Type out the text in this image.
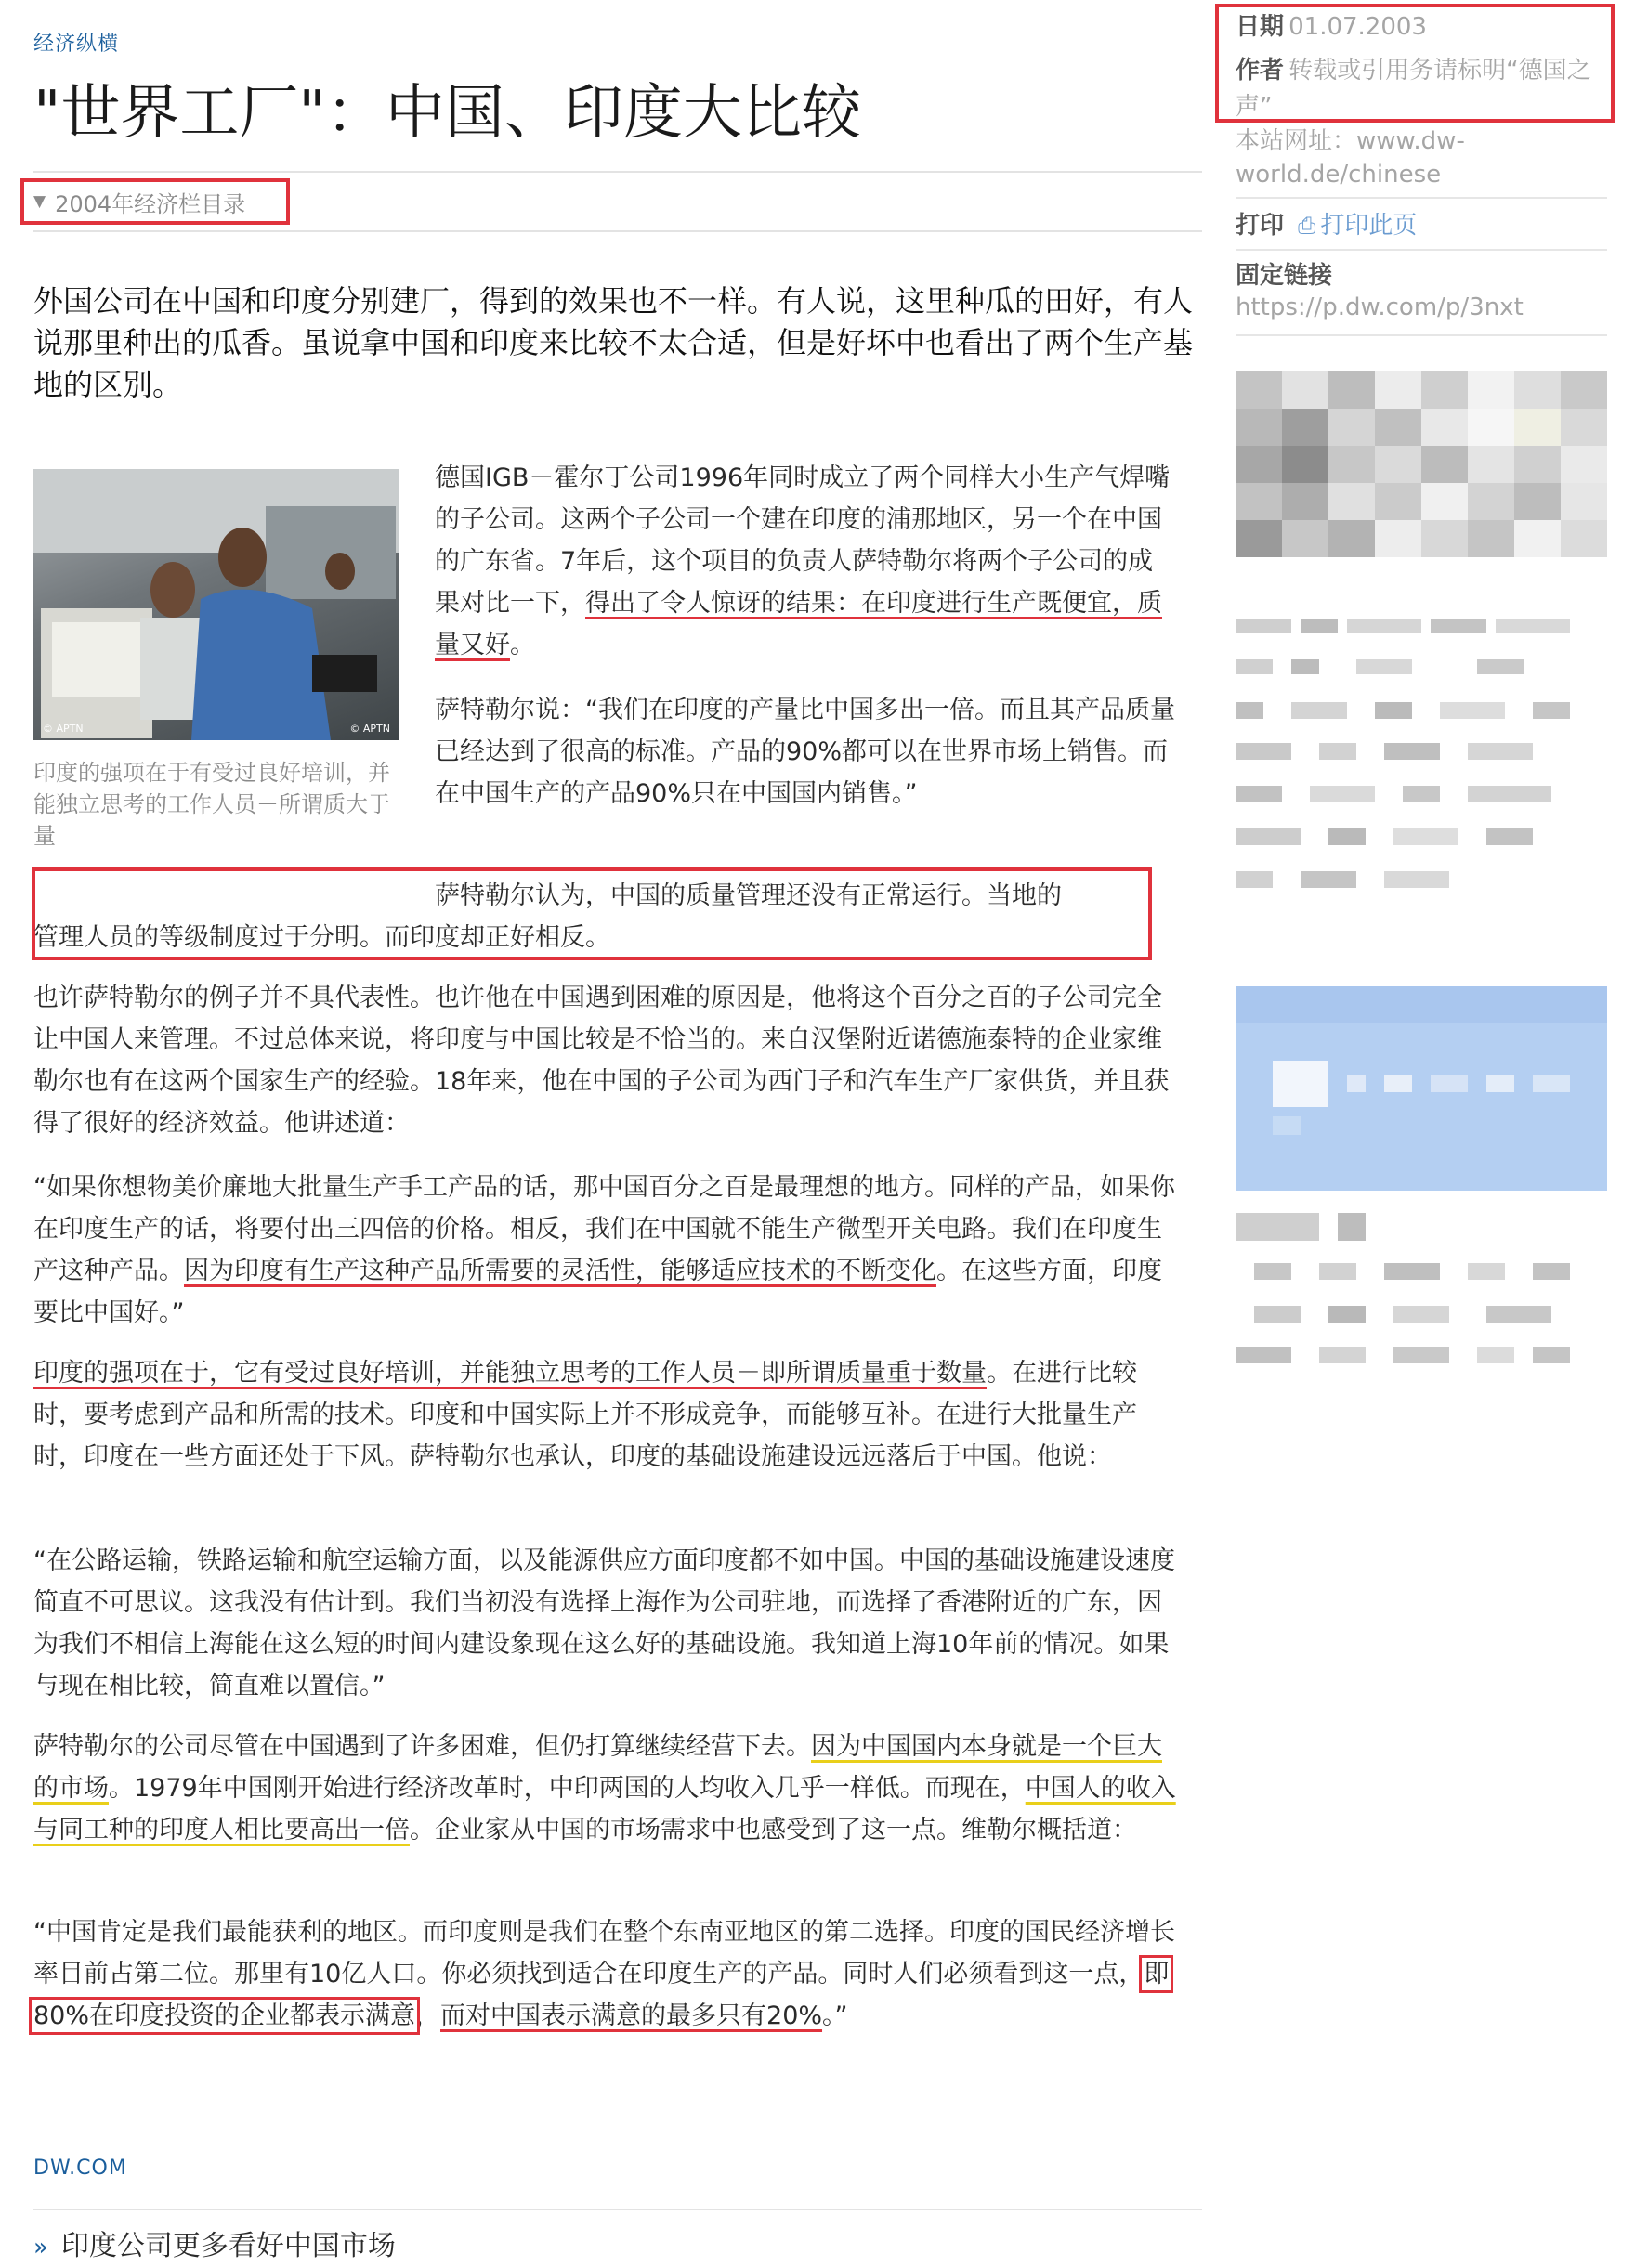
经济纵横
"世界工厂"：中国、印度大比较
▼ 2004年经济栏目录
外国公司在中国和印度分别建厂，得到的效果也不一样。有人说，这里种瓜的田好，有人说那里种出的瓜香。虽说拿中国和印度来比较不太合适，但是好坏中也看出了两个生产基地的区别。
© APTN	© APTN
印度的强项在于有受过良好培训，并能独立思考的工作人员－所谓质大于量
德国IGB－霍尔丁公司1996年同时成立了两个同样大小生产气焊嘴的子公司。这两个子公司一个建在印度的浦那地区，另一个在中国的广东省。7年后，这个项目的负责人萨特勒尔将两个子公司的成果对比一下，得出了令人惊讶的结果：在印度进行生产既便宜，质量又好。
萨特勒尔说：“我们在印度的产量比中国多出一倍。而且其产品质量已经达到了很高的标准。产品的90%都可以在世界市场上销售。而在中国生产的产品90%只在中国国内销售。”
萨特勒尔认为，中国的质量管理还没有正常运行。当地的
管理人员的等级制度过于分明。而印度却正好相反。
也许萨特勒尔的例子并不具代表性。也许他在中国遇到困难的原因是，他将这个百分之百的子公司完全让中国人来管理。不过总体来说，将印度与中国比较是不恰当的。来自汉堡附近诺德施泰特的企业家维勒尔也有在这两个国家生产的经验。18年来，他在中国的子公司为西门子和汽车生产厂家供货，并且获得了很好的经济效益。他讲述道：
“如果你想物美价廉地大批量生产手工产品的话，那中国百分之百是最理想的地方。同样的产品，如果你在印度生产的话，将要付出三四倍的价格。相反，我们在中国就不能生产微型开关电路。我们在印度生产这种产品。因为印度有生产这种产品所需要的灵活性，能够适应技术的不断变化。在这些方面，印度要比中国好。”
印度的强项在于，它有受过良好培训，并能独立思考的工作人员－即所谓质量重于数量。在进行比较时，要考虑到产品和所需的技术。印度和中国实际上并不形成竞争，而能够互补。在进行大批量生产时，印度在一些方面还处于下风。萨特勒尔也承认，印度的基础设施建设远远落后于中国。他说：
“在公路运输，铁路运输和航空运输方面，以及能源供应方面印度都不如中国。中国的基础设施建设速度简直不可思议。这我没有估计到。我们当初没有选择上海作为公司驻地，而选择了香港附近的广东，因为我们不相信上海能在这么短的时间内建设象现在这么好的基础设施。我知道上海10年前的情况。如果与现在相比较，简直难以置信。”
萨特勒尔的公司尽管在中国遇到了许多困难，但仍打算继续经营下去。因为中国国内本身就是一个巨大的市场。1979年中国刚开始进行经济改革时，中印两国的人均收入几乎一样低。而现在，中国人的收入与同工种的印度人相比要高出一倍。企业家从中国的市场需求中也感受到了这一点。维勒尔概括道：
“中国肯定是我们最能获利的地区。而印度则是我们在整个东南亚地区的第二选择。印度的国民经济增长率目前占第二位。那里有10亿人口。你必须找到适合在印度生产的产品。同时人们必须看到这一点，即80%在印度投资的企业都表示满意，而对中国表示满意的最多只有20%。”
DW.COM
» 印度公司更多看好中国市场
日期 01.07.2003
作者 转载或引用务请标明“德国之声”
本站网址：www.dw-world.de/chinese
打印 ⎙ 打印此页
固定链接
https://p.dw.com/p/3nxt
